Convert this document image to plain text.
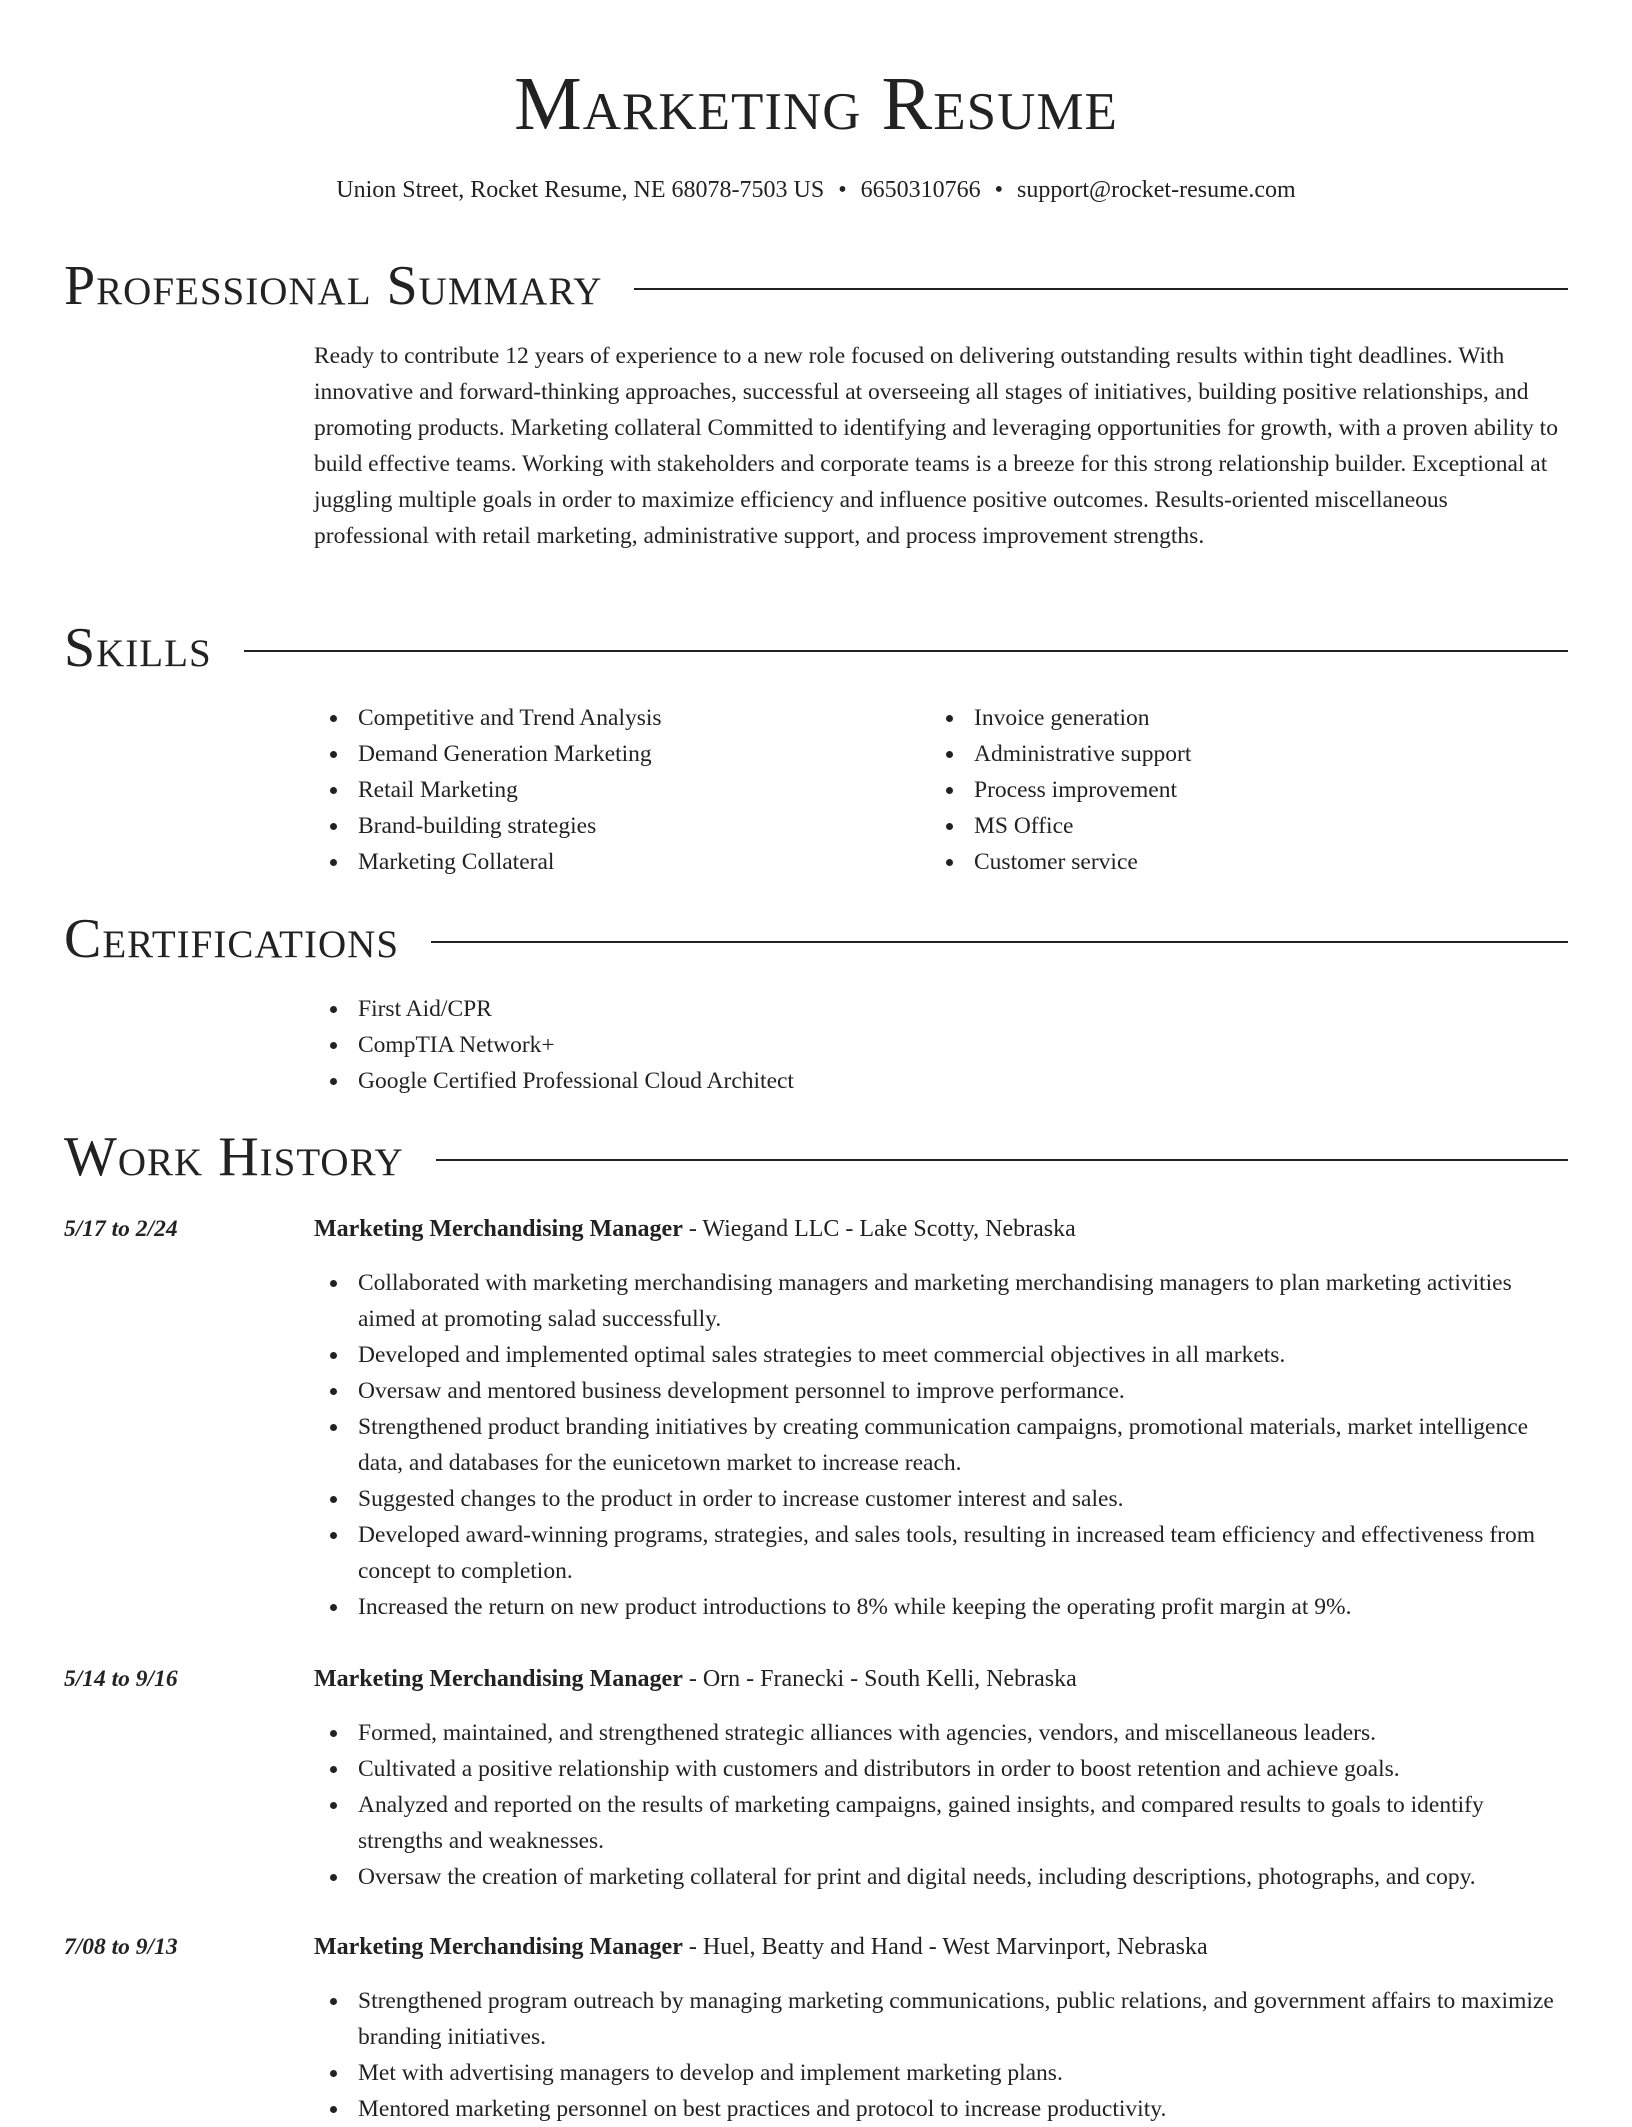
Marketing Resume

Union Street, Rocket Resume, NE 68078-7503 US • 6650310766 • support@rocket-resume.com

Professional Summary

Ready to contribute 12 years of experience to a new role focused on delivering outstanding results within tight deadlines. With innovative and forward-thinking approaches, successful at overseeing all stages of initiatives, building positive relationships, and promoting products. Marketing collateral Committed to identifying and leveraging opportunities for growth, with a proven ability to build effective teams. Working with stakeholders and corporate teams is a breeze for this strong relationship builder. Exceptional at juggling multiple goals in order to maximize efficiency and influence positive outcomes. Results-oriented miscellaneous professional with retail marketing, administrative support, and process improvement strengths.

Skills
Competitive and Trend Analysis
Demand Generation Marketing
Retail Marketing
Brand-building strategies
Marketing Collateral
Invoice generation
Administrative support
Process improvement
MS Office
Customer service
Certifications
First Aid/CPR
CompTIA Network+
Google Certified Professional Cloud Architect
Work History
5/17 to 2/24	Marketing Merchandising Manager - Wiegand LLC - Lake Scotty, Nebraska
Collaborated with marketing merchandising managers and marketing merchandising managers to plan marketing activities aimed at promoting salad successfully.
Developed and implemented optimal sales strategies to meet commercial objectives in all markets.
Oversaw and mentored business development personnel to improve performance.
Strengthened product branding initiatives by creating communication campaigns, promotional materials, market intelligence data, and databases for the eunicetown market to increase reach.
Suggested changes to the product in order to increase customer interest and sales.
Developed award-winning programs, strategies, and sales tools, resulting in increased team efficiency and effectiveness from concept to completion.
Increased the return on new product introductions to 8% while keeping the operating profit margin at 9%.
5/14 to 9/16	Marketing Merchandising Manager - Orn - Franecki - South Kelli, Nebraska
Formed, maintained, and strengthened strategic alliances with agencies, vendors, and miscellaneous leaders.
Cultivated a positive relationship with customers and distributors in order to boost retention and achieve goals.
Analyzed and reported on the results of marketing campaigns, gained insights, and compared results to goals to identify strengths and weaknesses.
Oversaw the creation of marketing collateral for print and digital needs, including descriptions, photographs, and copy.
7/08 to 9/13	Marketing Merchandising Manager - Huel, Beatty and Hand - West Marvinport, Nebraska
Strengthened program outreach by managing marketing communications, public relations, and government affairs to maximize branding initiatives.
Met with advertising managers to develop and implement marketing plans.
Mentored marketing personnel on best practices and protocol to increase productivity.
